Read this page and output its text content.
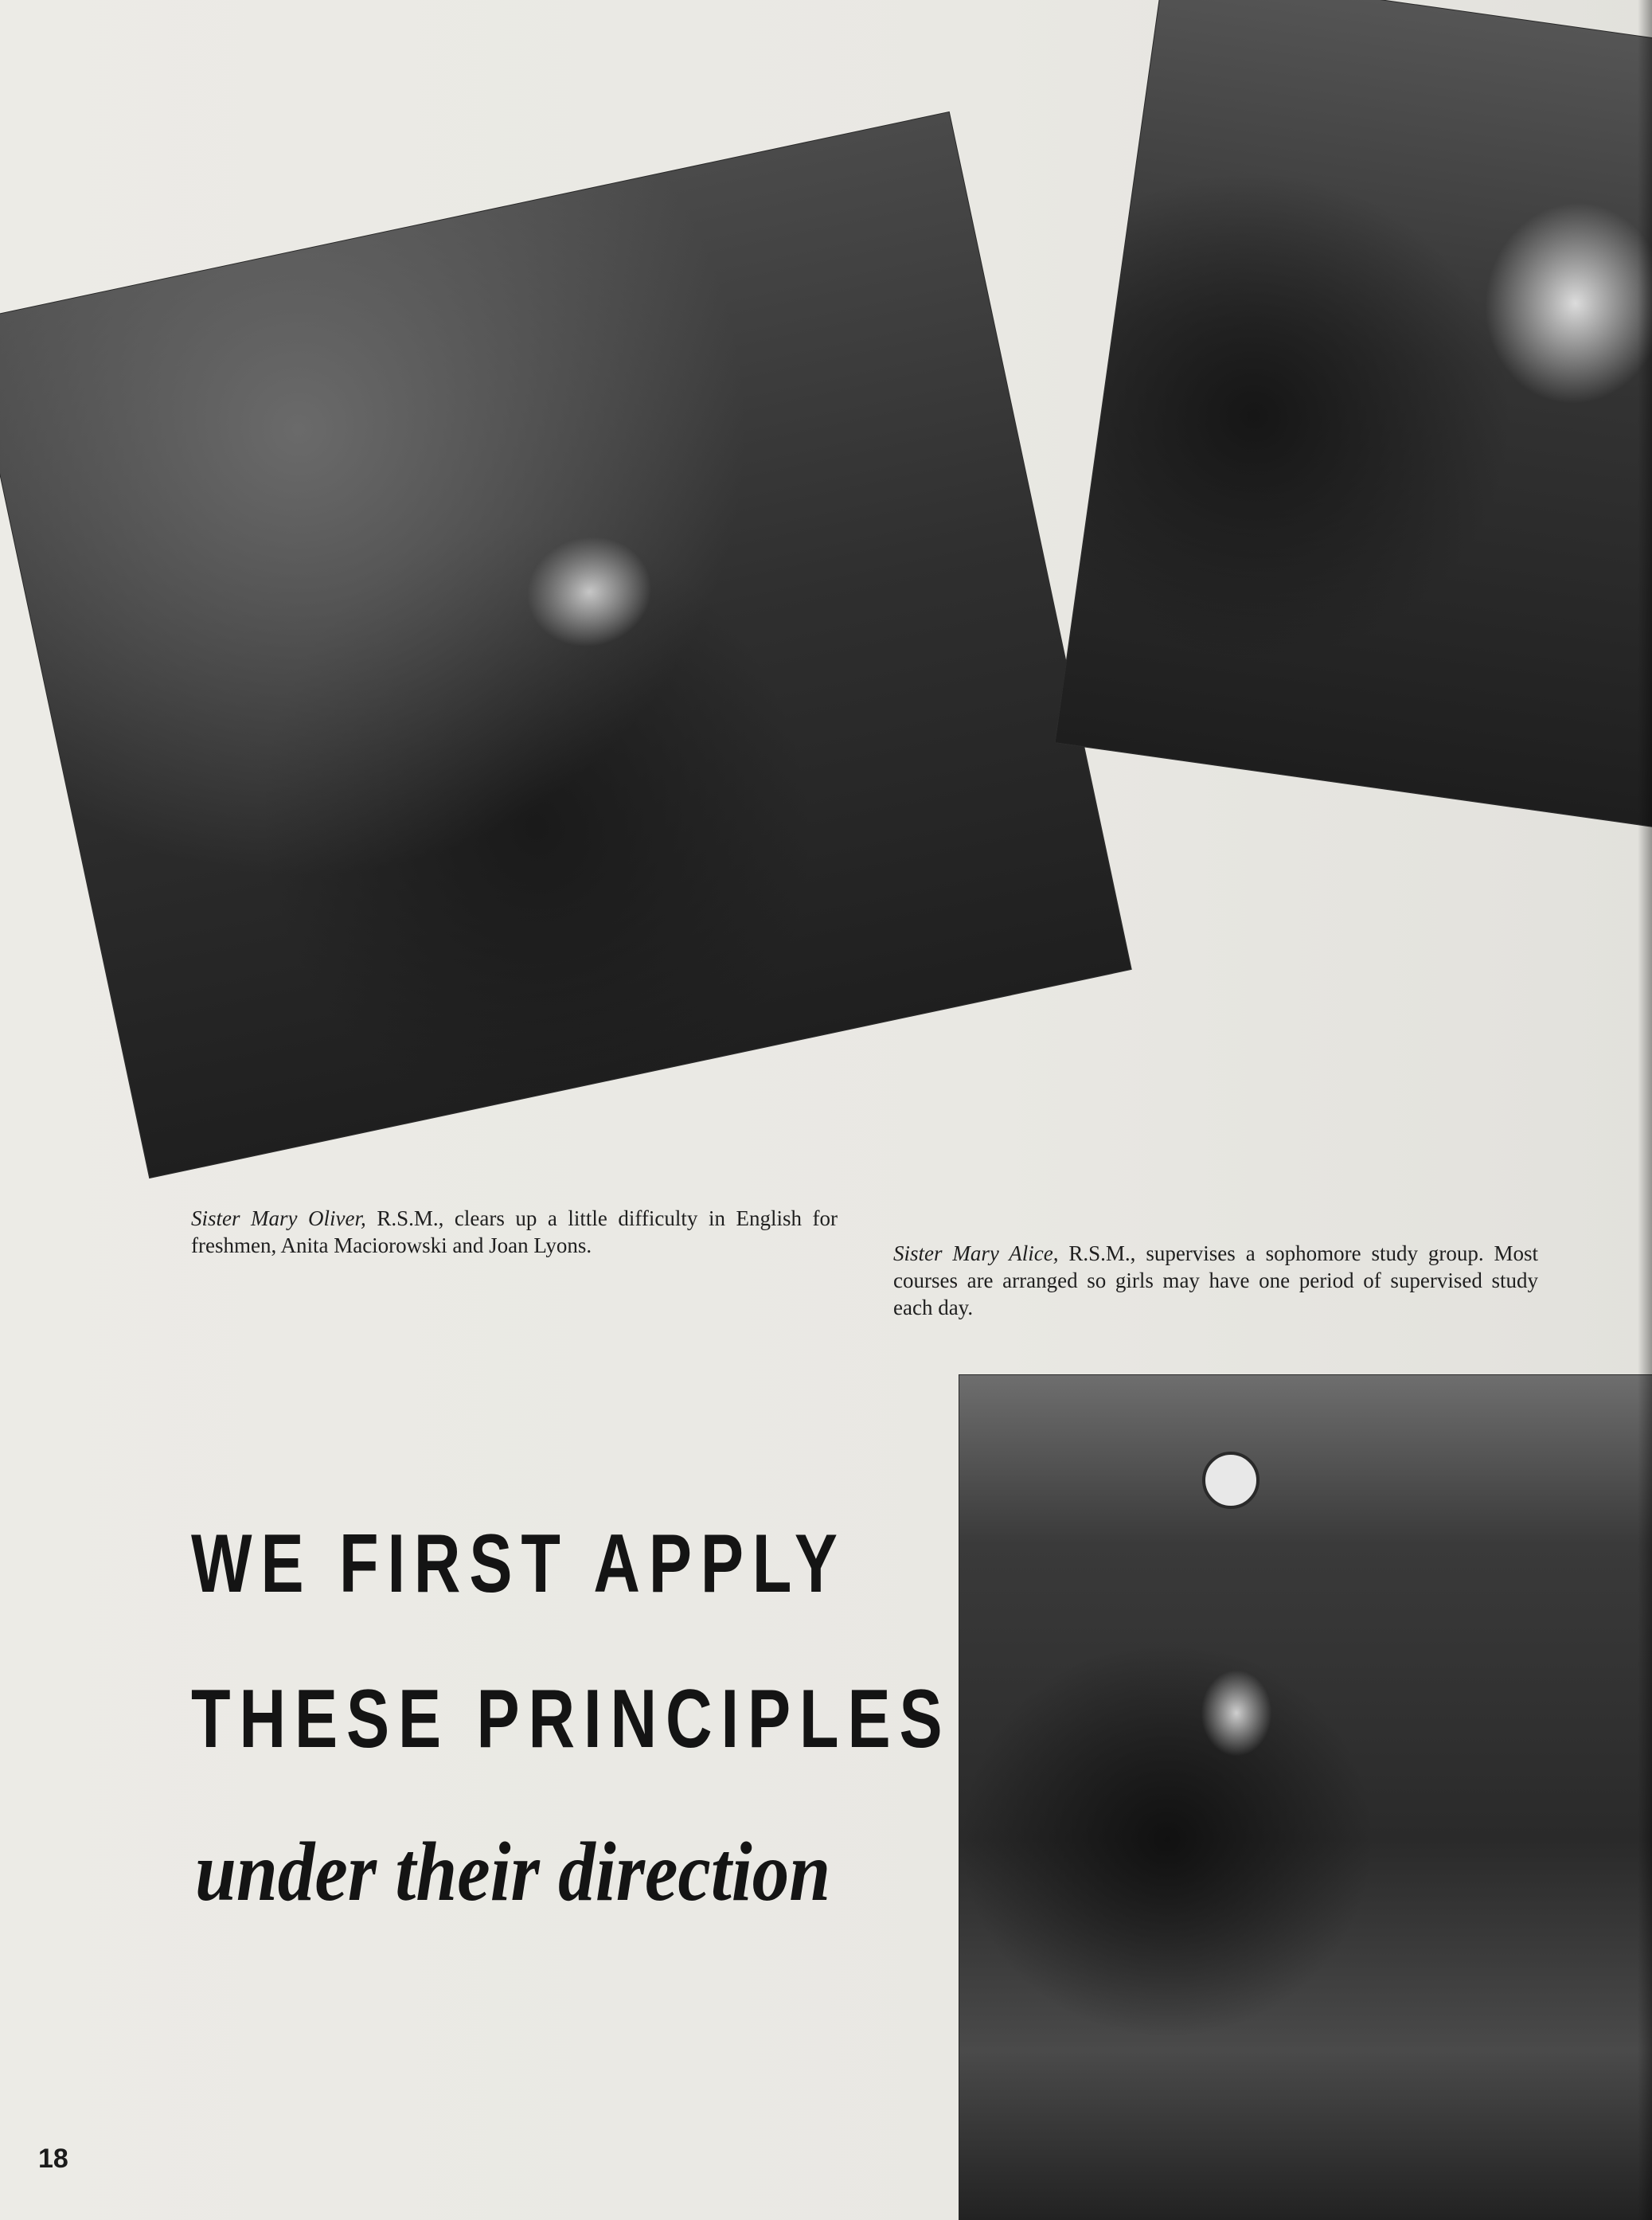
Sister Mary Oliver, R.S.M., clears up a little difficulty in English for freshmen, Anita Maciorowski and Joan Lyons.	Sister Mary Alice, R.S.M., supervises a sophomore study group. Most courses are arranged so girls may have one period of supervised study each day.
WE FIRST APPLY
THESE PRINCIPLES
under their direction
18
